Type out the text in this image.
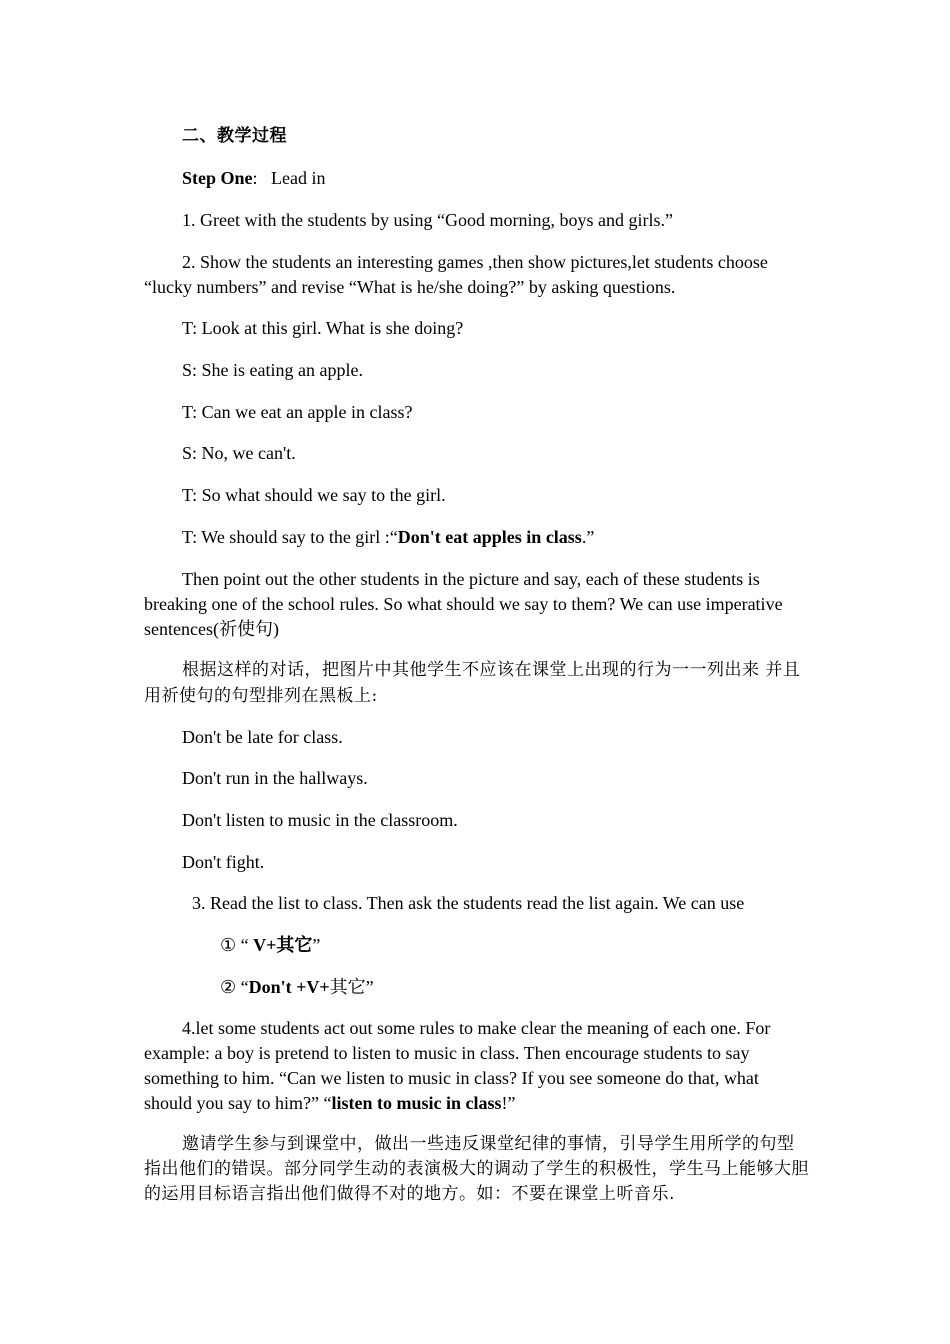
二、教学过程

Step One: Lead in

1. Greet with the students by using “Good morning, boys and girls.”

2. Show the students an interesting games ,then show pictures,let students choose “lucky numbers” and revise “What is he/she doing?” by asking questions.

T: Look at this girl. What is she doing?

S: She is eating an apple.

T: Can we eat an apple in class?

S: No, we can't.

T: So what should we say to the girl.

T: We should say to the girl :“Don't eat apples in class.”

Then point out the other students in the picture and say, each of these students is breaking one of the school rules. So what should we say to them? We can use imperative sentences(祈使句)

根据这样的对话，把图片中其他学生不应该在课堂上出现的行为一一列出来 并且用祈使句的句型排列在黑板上:

Don't be late for class.

Don't run in the hallways.

Don't listen to music in the classroom.

Don't fight.

3. Read the list to class. Then ask the students read the list again. We can use

① “ V+其它”

② “Don't +V+其它”

4.let some students act out some rules to make clear the meaning of each one. For example: a boy is pretend to listen to music in class. Then encourage students to say something to him. “Can we listen to music in class? If you see someone do that, what should you say to him?” “listen to music in class!”

邀请学生参与到课堂中，做出一些违反课堂纪律的事情，引导学生用所学的句型指出他们的错误。部分同学生动的表演极大的调动了学生的积极性，学生马上能够大胆的运用目标语言指出他们做得不对的地方。如：不要在课堂上听音乐.
